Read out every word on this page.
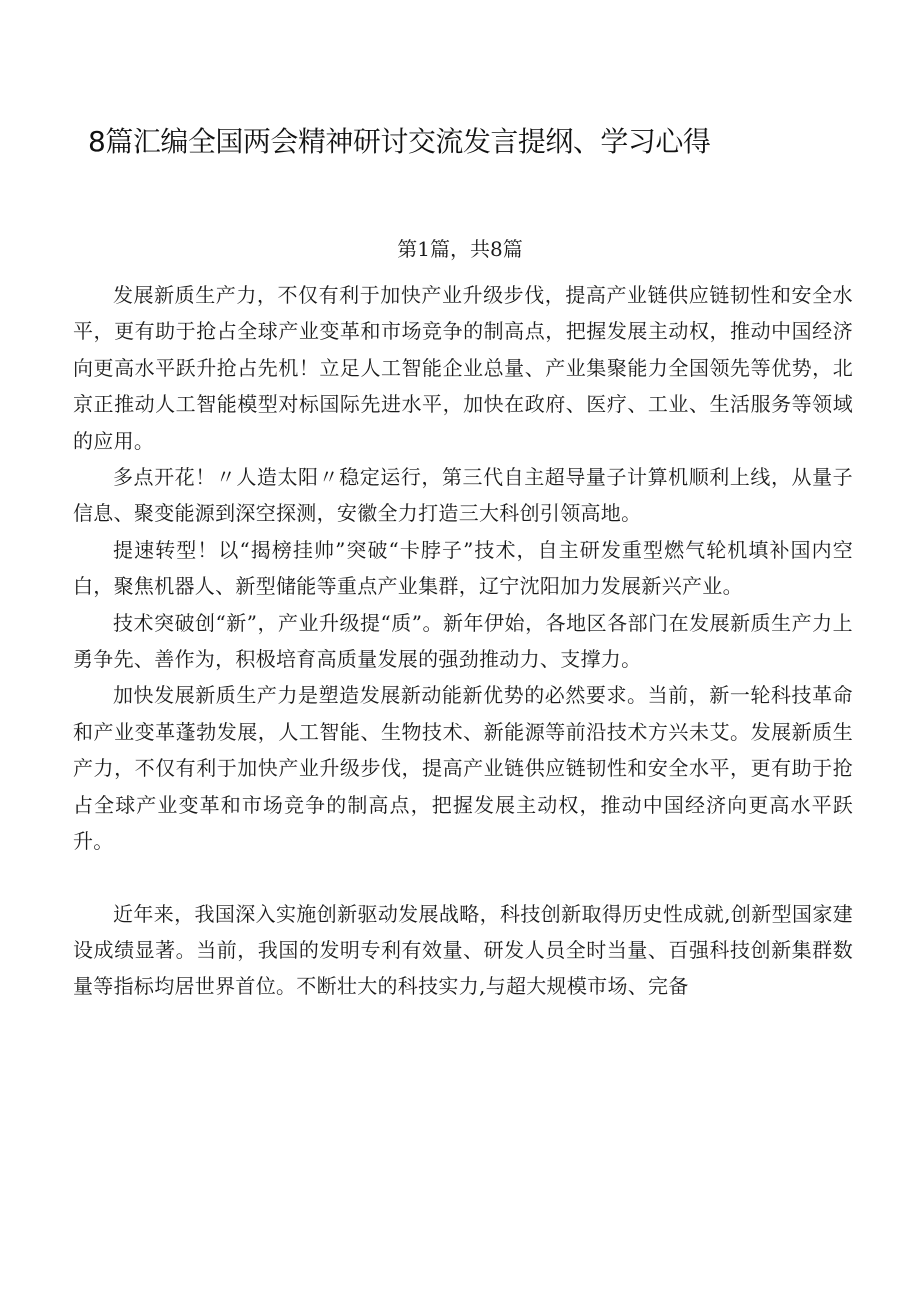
8篇汇编全国两会精神研讨交流发言提纲、学习心得
第1篇，共8篇

发展新质生产力，不仅有利于加快产业升级步伐，提高产业链供应链韧性和安全水平，更有助于抢占全球产业变革和市场竞争的制高点，把握发展主动权，推动中国经济向更高水平跃升抢占先机！立足人工智能企业总量、产业集聚能力全国领先等优势，北京正推动人工智能模型对标国际先进水平，加快在政府、医疗、工业、生活服务等领域的应用。

多点开花！〃人造太阳〃稳定运行，第三代自主超导量子计算机顺利上线，从量子信息、聚变能源到深空探测，安徽全力打造三大科创引领高地。

提速转型！以“揭榜挂帅”突破“卡脖子”技术，自主研发重型燃气轮机填补国内空白，聚焦机器人、新型储能等重点产业集群，辽宁沈阳加力发展新兴产业。

技术突破创“新”，产业升级提“质”。新年伊始，各地区各部门在发展新质生产力上勇争先、善作为，积极培育高质量发展的强劲推动力、支撑力。

加快发展新质生产力是塑造发展新动能新优势的必然要求。当前，新一轮科技革命和产业变革蓬勃发展，人工智能、生物技术、新能源等前沿技术方兴未艾。发展新质生产力，不仅有利于加快产业升级步伐，提高产业链供应链韧性和安全水平，更有助于抢占全球产业变革和市场竞争的制高点，把握发展主动权，推动中国经济向更高水平跃升。

近年来，我国深入实施创新驱动发展战略，科技创新取得历史性成就,创新型国家建设成绩显著。当前，我国的发明专利有效量、研发人员全时当量、百强科技创新集群数量等指标均居世界首位。不断壮大的科技实力,与超大规模市场、完备
